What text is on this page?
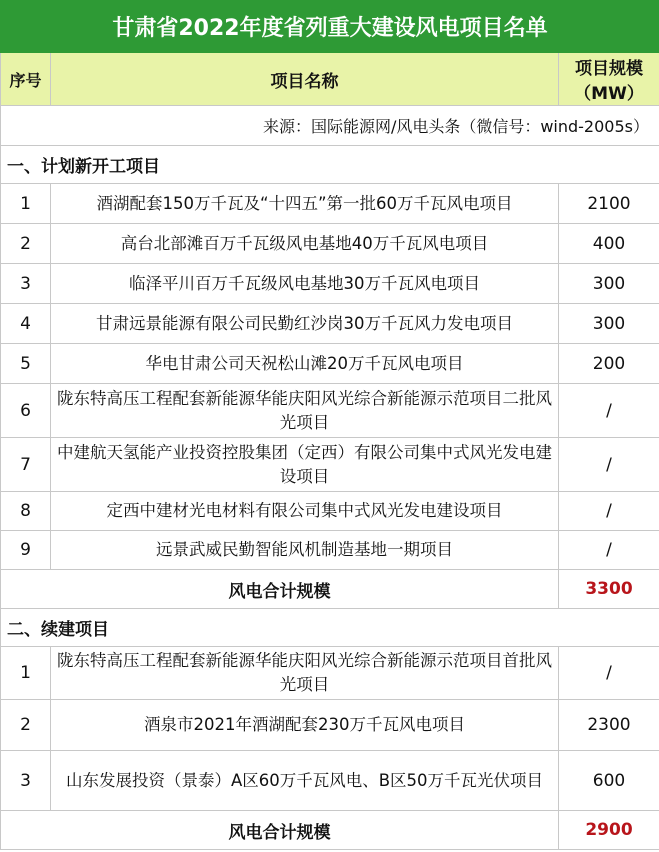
甘肃省2022年度省列重大建设风电项目名单		
序号	项目名称	项目规模
（MW）

来源：国际能源网/风电头条（微信号：wind-2005s）		
一、计划新开工项目		
1	酒湖配套150万千瓦及“十四五”第一批60万千瓦风电项目	2100
2	高台北部滩百万千瓦级风电基地40万千瓦风电项目	400
3	临泽平川百万千瓦级风电基地30万千瓦风电项目	300
4	甘肃远景能源有限公司民勤红沙岗30万千瓦风力发电项目	300
5	华电甘肃公司天祝松山滩20万千瓦风电项目	200
6	陇东特高压工程配套新能源华能庆阳风光综合新能源示范项目二批风光项目	/
7	中建航天氢能产业投资控股集团（定西）有限公司集中式风光发电建设项目	/
8	定西中建材光电材料有限公司集中式风光发电建设项目	/
9	远景武威民勤智能风机制造基地一期项目	/
风电合计规模		3300
二、续建项目		
1	陇东特高压工程配套新能源华能庆阳风光综合新能源示范项目首批风光项目	/
2	酒泉市2021年酒湖配套230万千瓦风电项目	2300
3	山东发展投资（景泰）A区60万千瓦风电、B区50万千瓦光伏项目	600
风电合计规模		2900
